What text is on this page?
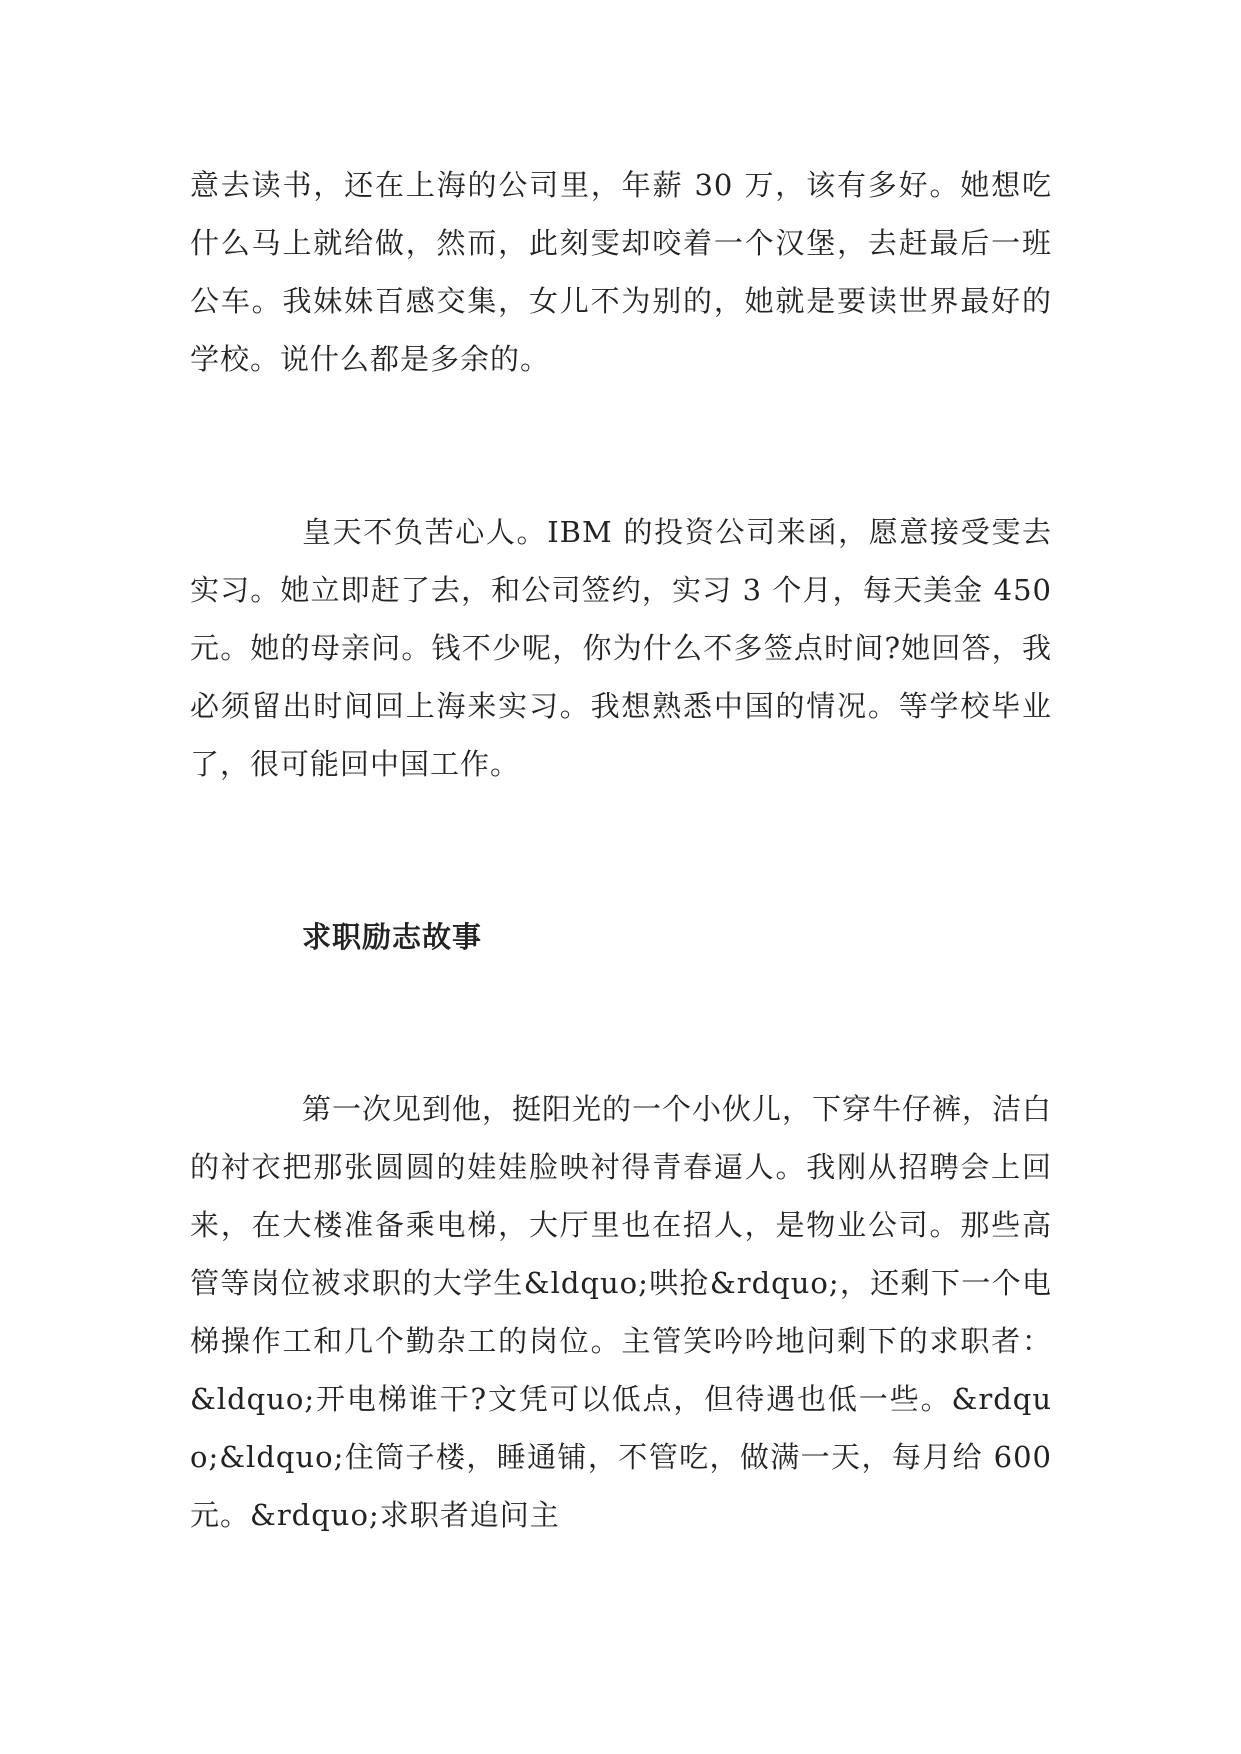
意去读书，还在上海的公司里，年薪 30 万，该有多好。她想吃什么马上就给做，然而，此刻雯却咬着一个汉堡，去赶最后一班公车。我妹妹百感交集，女儿不为别的，她就是要读世界最好的学校。说什么都是多余的。

皇天不负苦心人。IBM 的投资公司来函，愿意接受雯去实习。她立即赶了去，和公司签约，实习 3 个月，每天美金 450 元。她的母亲问。钱不少呢，你为什么不多签点时间?她回答，我必须留出时间回上海来实习。我想熟悉中国的情况。等学校毕业了，很可能回中国工作。

求职励志故事

第一次见到他，挺阳光的一个小伙儿，下穿牛仔裤，洁白的衬衣把那张圆圆的娃娃脸映衬得青春逼人。我刚从招聘会上回来，在大楼准备乘电梯，大厅里也在招人，是物业公司。那些高管等岗位被求职的大学生&ldquo;哄抢&rdquo;，还剩下一个电梯操作工和几个勤杂工的岗位。主管笑吟吟地问剩下的求职者：&ldquo;开电梯谁干?文凭可以低点，但待遇也低一些。&rdquo;&ldquo;住筒子楼，睡通铺，不管吃，做满一天，每月给 600 元。&rdquo;求职者追问主
